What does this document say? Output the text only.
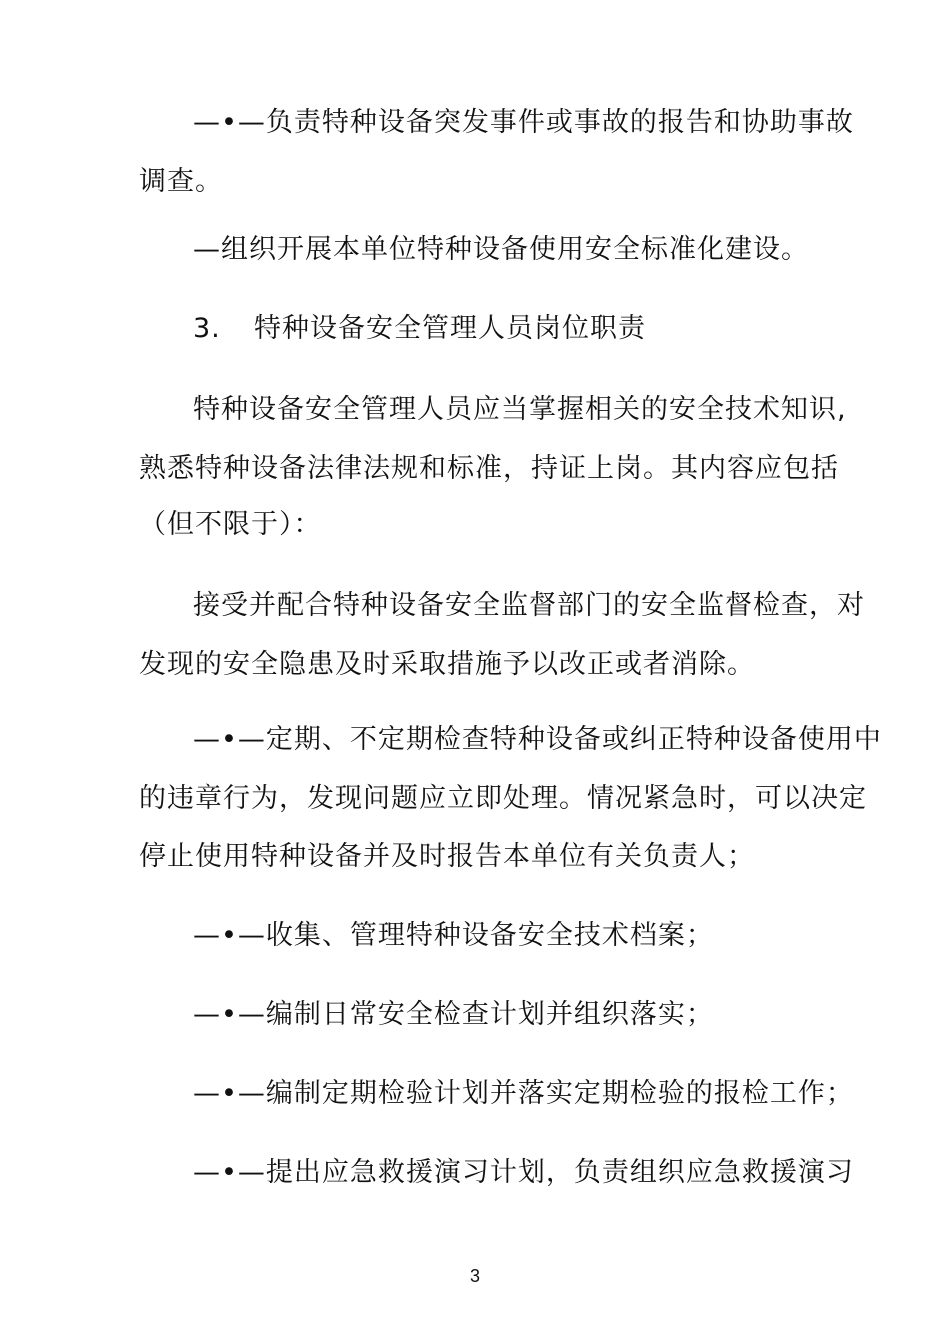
—•—负责特种设备突发事件或事故的报告和协助事故
调查。
—组织开展本单位特种设备使用安全标准化建设。
3. 特种设备安全管理人员岗位职责
特种设备安全管理人员应当掌握相关的安全技术知识,
熟悉特种设备法律法规和标准，持证上岗。其内容应包括
（但不限于）：
接受并配合特种设备安全监督部门的安全监督检查，对
发现的安全隐患及时采取措施予以改正或者消除。
—•—定期、不定期检查特种设备或纠正特种设备使用中
的违章行为，发现问题应立即处理。情况紧急时，可以决定
停止使用特种设备并及时报告本单位有关负责人；
—•—收集、管理特种设备安全技术档案；
—•—编制日常安全检查计划并组织落实；
—•—编制定期检验计划并落实定期检验的报检工作；
—•—提出应急救援演习计划，负责组织应急救援演习
3
